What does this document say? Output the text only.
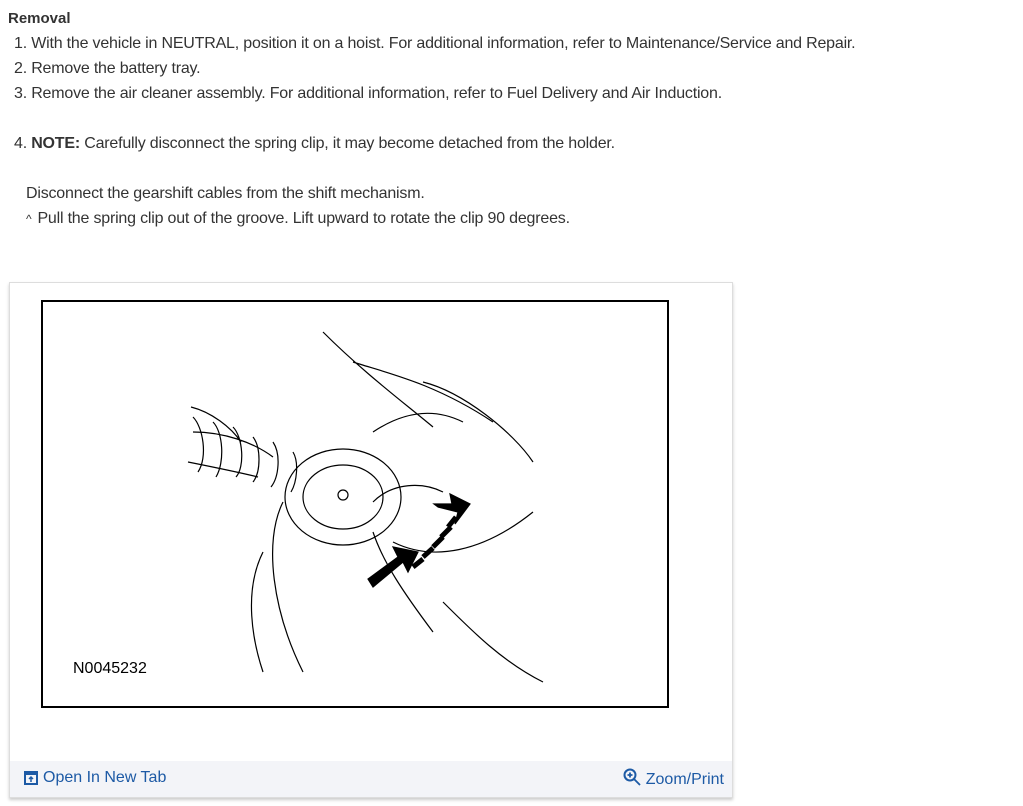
Removal
1. With the vehicle in NEUTRAL, position it on a hoist. For additional information, refer to Maintenance/Service and Repair.
2. Remove the battery tray.
3. Remove the air cleaner assembly. For additional information, refer to Fuel Delivery and Air Induction.
4. NOTE: Carefully disconnect the spring clip, it may become detached from the holder.
Disconnect the gearshift cables from the shift mechanism.
^ Pull the spring clip out of the groove. Lift upward to rotate the clip 90 degrees.
N0045232
Open In New Tab	Zoom/Print
